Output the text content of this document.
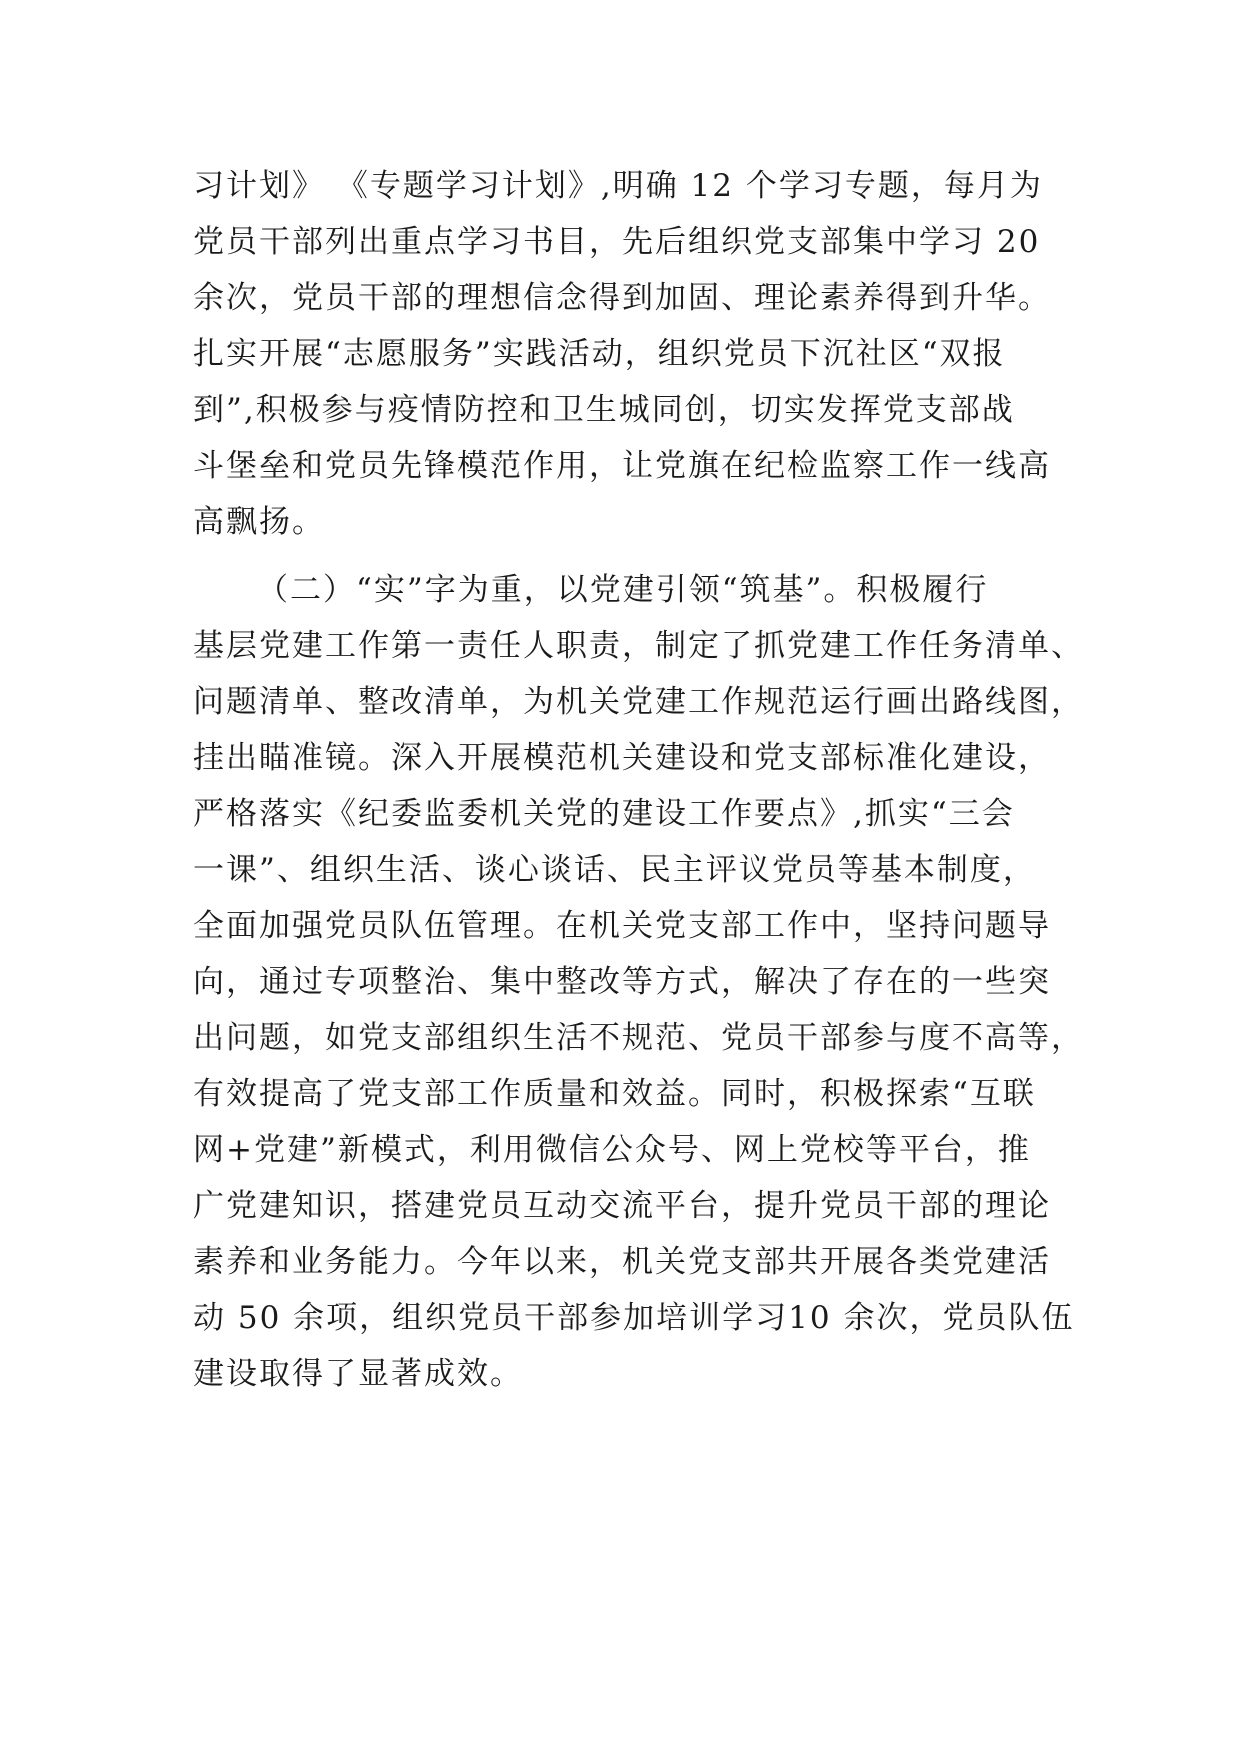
习计划》 《专题学习计划》,明确 12 个学习专题，每月为
党员干部列出重点学习书目，先后组织党支部集中学习 20
余次，党员干部的理想信念得到加固、理论素养得到升华。
扎实开展“志愿服务”实践活动，组织党员下沉社区“双报
到”,积极参与疫情防控和卫生城同创，切实发挥党支部战
斗堡垒和党员先锋模范作用，让党旗在纪检监察工作一线高
高飘扬。
（二）“实”字为重，以党建引领“筑基”。积极履行
基层党建工作第一责任人职责，制定了抓党建工作任务清单、
问题清单、整改清单，为机关党建工作规范运行画出路线图，
挂出瞄准镜。深入开展模范机关建设和党支部标准化建设，
严格落实《纪委监委机关党的建设工作要点》,抓实“三会
一课”、组织生活、谈心谈话、民主评议党员等基本制度，
全面加强党员队伍管理。在机关党支部工作中，坚持问题导
向，通过专项整治、集中整改等方式，解决了存在的一些突
出问题，如党支部组织生活不规范、党员干部参与度不高等，
有效提高了党支部工作质量和效益。同时，积极探索“互联
网+党建”新模式，利用微信公众号、网上党校等平台，推
广党建知识，搭建党员互动交流平台，提升党员干部的理论
素养和业务能力。今年以来，机关党支部共开展各类党建活
动 50 余项，组织党员干部参加培训学习10 余次，党员队伍
建设取得了显著成效。
